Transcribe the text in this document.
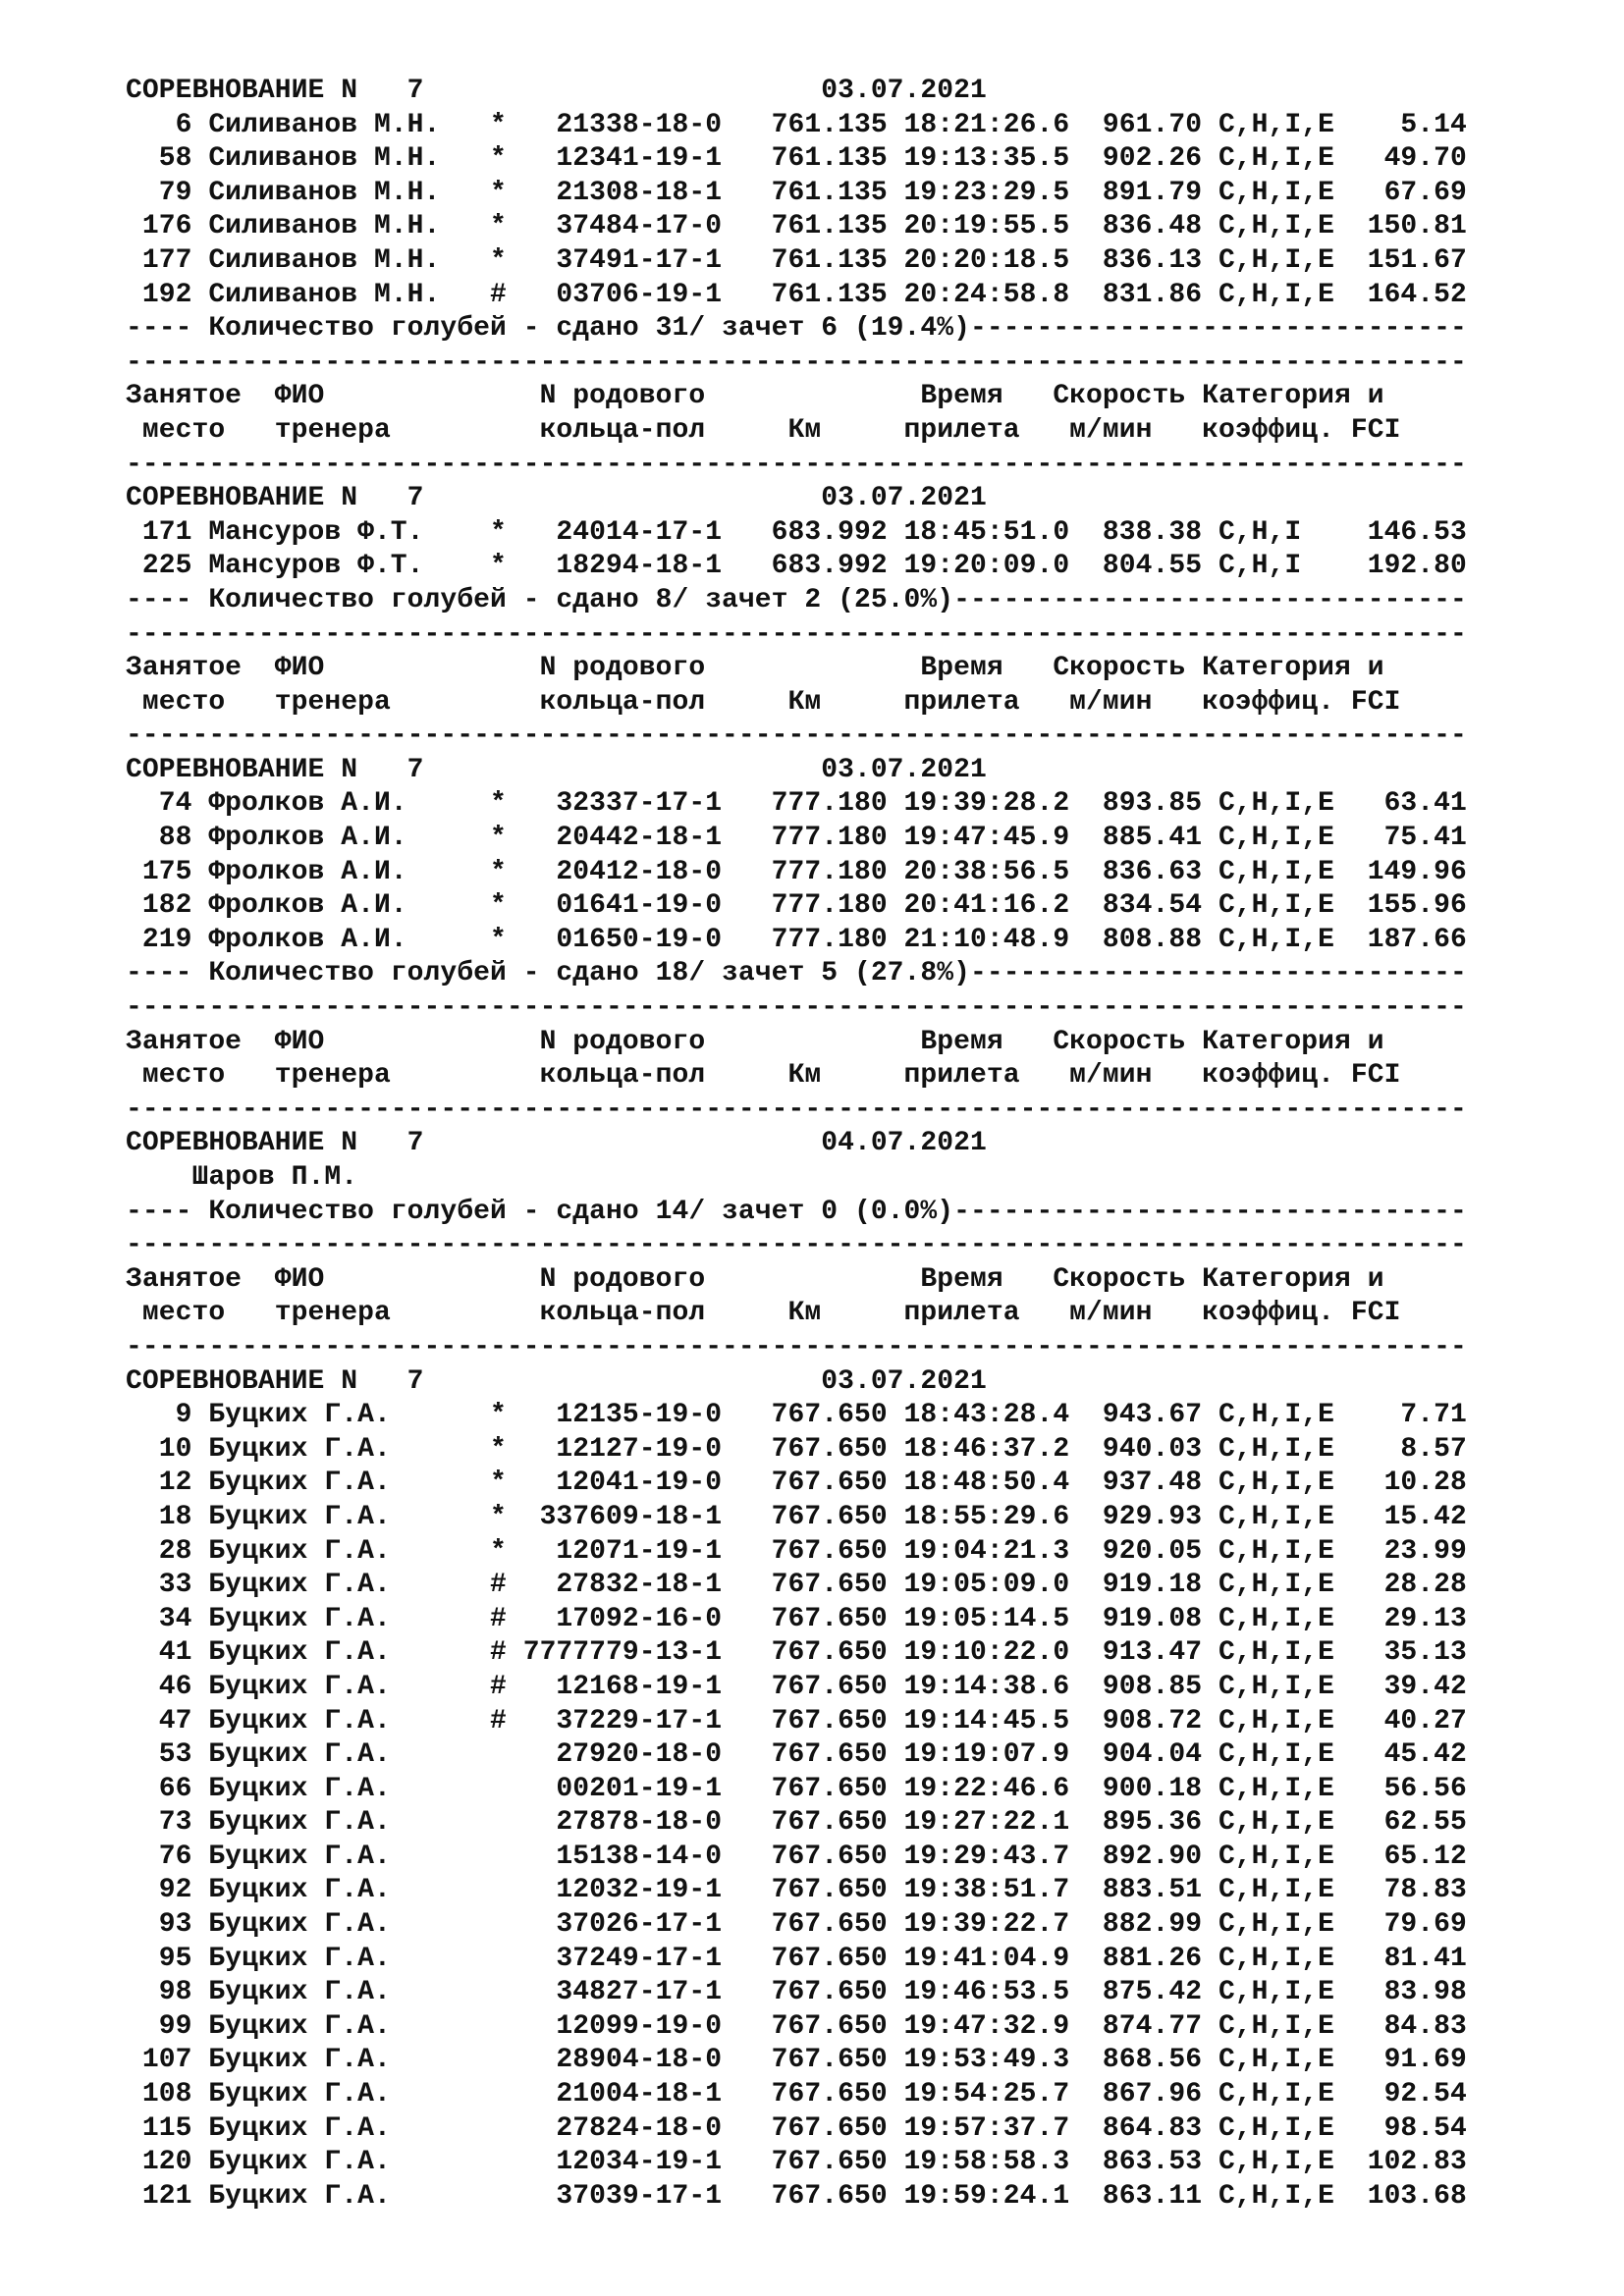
СОРЕВНОВАНИЕ N   7                        03.07.2021
6 Силиванов М.Н.   *   21338-18-0   761.135 18:21:26.6  961.70 C,H,I,E    5.14
58 Силиванов М.Н.   *   12341-19-1   761.135 19:13:35.5  902.26 C,H,I,E   49.70
79 Силиванов М.Н.   *   21308-18-1   761.135 19:23:29.5  891.79 C,H,I,E   67.69
176 Силиванов М.Н.   *   37484-17-0   761.135 20:19:55.5  836.48 C,H,I,E  150.81
177 Силиванов М.Н.   *   37491-17-1   761.135 20:20:18.5  836.13 C,H,I,E  151.67
192 Силиванов М.Н.   #   03706-19-1   761.135 20:24:58.8  831.86 C,H,I,E  164.52
---- Количество голубей - сдано 31/ зачет 6 (19.4%)------------------------------
---------------------------------------------------------------------------------
Занятое  ФИО             N родового             Время   Скорость Категория и
место   тренера         кольца-пол     Км     прилета   м/мин   коэффиц. FCI
---------------------------------------------------------------------------------
СОРЕВНОВАНИЕ N   7                        03.07.2021
171 Мансуров Ф.Т.    *   24014-17-1   683.992 18:45:51.0  838.38 C,H,I    146.53
225 Мансуров Ф.Т.    *   18294-18-1   683.992 19:20:09.0  804.55 C,H,I    192.80
---- Количество голубей - сдано 8/ зачет 2 (25.0%)-------------------------------
---------------------------------------------------------------------------------
Занятое  ФИО             N родового             Время   Скорость Категория и
место   тренера         кольца-пол     Км     прилета   м/мин   коэффиц. FCI
---------------------------------------------------------------------------------
СОРЕВНОВАНИЕ N   7                        03.07.2021
74 Фролков А.И.     *   32337-17-1   777.180 19:39:28.2  893.85 C,H,I,E   63.41
88 Фролков А.И.     *   20442-18-1   777.180 19:47:45.9  885.41 C,H,I,E   75.41
175 Фролков А.И.     *   20412-18-0   777.180 20:38:56.5  836.63 C,H,I,E  149.96
182 Фролков А.И.     *   01641-19-0   777.180 20:41:16.2  834.54 C,H,I,E  155.96
219 Фролков А.И.     *   01650-19-0   777.180 21:10:48.9  808.88 C,H,I,E  187.66
---- Количество голубей - сдано 18/ зачет 5 (27.8%)------------------------------
---------------------------------------------------------------------------------
Занятое  ФИО             N родового             Время   Скорость Категория и
место   тренера         кольца-пол     Км     прилета   м/мин   коэффиц. FCI
---------------------------------------------------------------------------------
СОРЕВНОВАНИЕ N   7                        04.07.2021
Шаров П.М.
---- Количество голубей - сдано 14/ зачет 0 (0.0%)-------------------------------
---------------------------------------------------------------------------------
Занятое  ФИО             N родового             Время   Скорость Категория и
место   тренера         кольца-пол     Км     прилета   м/мин   коэффиц. FCI
---------------------------------------------------------------------------------
СОРЕВНОВАНИЕ N   7                        03.07.2021
9 Буцких Г.А.      *   12135-19-0   767.650 18:43:28.4  943.67 C,H,I,E    7.71
10 Буцких Г.А.      *   12127-19-0   767.650 18:46:37.2  940.03 C,H,I,E    8.57
12 Буцких Г.А.      *   12041-19-0   767.650 18:48:50.4  937.48 C,H,I,E   10.28
18 Буцких Г.А.      *  337609-18-1   767.650 18:55:29.6  929.93 C,H,I,E   15.42
28 Буцких Г.А.      *   12071-19-1   767.650 19:04:21.3  920.05 C,H,I,E   23.99
33 Буцких Г.А.      #   27832-18-1   767.650 19:05:09.0  919.18 C,H,I,E   28.28
34 Буцких Г.А.      #   17092-16-0   767.650 19:05:14.5  919.08 C,H,I,E   29.13
41 Буцких Г.А.      # 7777779-13-1   767.650 19:10:22.0  913.47 C,H,I,E   35.13
46 Буцких Г.А.      #   12168-19-1   767.650 19:14:38.6  908.85 C,H,I,E   39.42
47 Буцких Г.А.      #   37229-17-1   767.650 19:14:45.5  908.72 C,H,I,E   40.27
53 Буцких Г.А.          27920-18-0   767.650 19:19:07.9  904.04 C,H,I,E   45.42
66 Буцких Г.А.          00201-19-1   767.650 19:22:46.6  900.18 C,H,I,E   56.56
73 Буцких Г.А.          27878-18-0   767.650 19:27:22.1  895.36 C,H,I,E   62.55
76 Буцких Г.А.          15138-14-0   767.650 19:29:43.7  892.90 C,H,I,E   65.12
92 Буцких Г.А.          12032-19-1   767.650 19:38:51.7  883.51 C,H,I,E   78.83
93 Буцких Г.А.          37026-17-1   767.650 19:39:22.7  882.99 C,H,I,E   79.69
95 Буцких Г.А.          37249-17-1   767.650 19:41:04.9  881.26 C,H,I,E   81.41
98 Буцких Г.А.          34827-17-1   767.650 19:46:53.5  875.42 C,H,I,E   83.98
99 Буцких Г.А.          12099-19-0   767.650 19:47:32.9  874.77 C,H,I,E   84.83
107 Буцких Г.А.          28904-18-0   767.650 19:53:49.3  868.56 C,H,I,E   91.69
108 Буцких Г.А.          21004-18-1   767.650 19:54:25.7  867.96 C,H,I,E   92.54
115 Буцких Г.А.          27824-18-0   767.650 19:57:37.7  864.83 C,H,I,E   98.54
120 Буцких Г.А.          12034-19-1   767.650 19:58:58.3  863.53 C,H,I,E  102.83
121 Буцких Г.А.          37039-17-1   767.650 19:59:24.1  863.11 C,H,I,E  103.68
